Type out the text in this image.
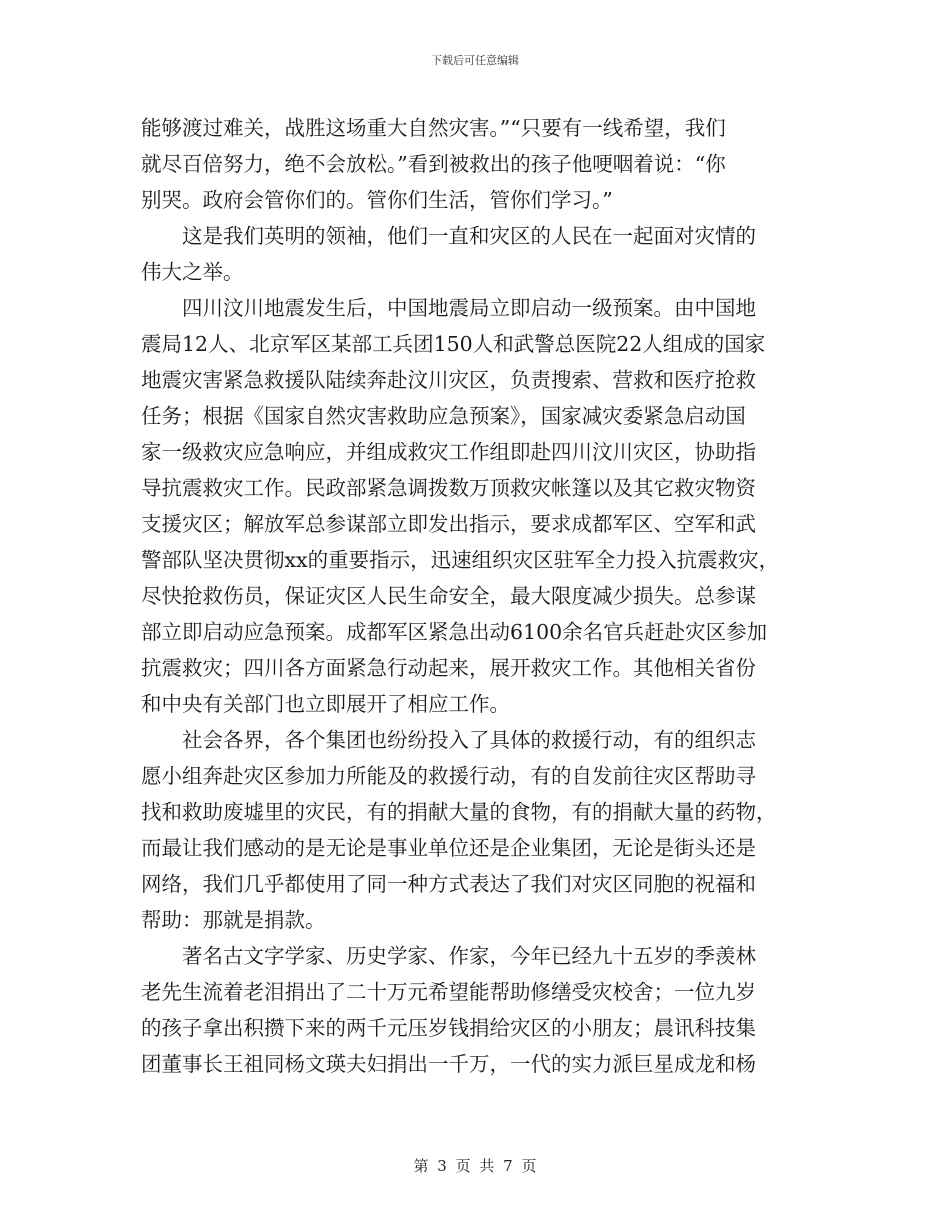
下载后可任意编辑
能够渡过难关，战胜这场重大自然灾害。”“只要有一线希望，我们
就尽百倍努力，绝不会放松。”看到被救出的孩子他哽咽着说：“你
别哭。政府会管你们的。管你们生活，管你们学习。”
　　这是我们英明的领袖，他们一直和灾区的人民在一起面对灾情的
伟大之举。
　　四川汶川地震发生后，中国地震局立即启动一级预案。由中国地
震局12人、北京军区某部工兵团150人和武警总医院22人组成的国家
地震灾害紧急救援队陆续奔赴汶川灾区，负责搜索、营救和医疗抢救
任务；根据《国家自然灾害救助应急预案》，国家减灾委紧急启动国
家一级救灾应急响应，并组成救灾工作组即赴四川汶川灾区，协助指
导抗震救灾工作。民政部紧急调拨数万顶救灾帐篷以及其它救灾物资
支援灾区；解放军总参谋部立即发出指示，要求成都军区、空军和武
警部队坚决贯彻xx的重要指示，迅速组织灾区驻军全力投入抗震救灾，
尽快抢救伤员，保证灾区人民生命安全，最大限度减少损失。总参谋
部立即启动应急预案。成都军区紧急出动6100余名官兵赶赴灾区参加
抗震救灾；四川各方面紧急行动起来，展开救灾工作。其他相关省份
和中央有关部门也立即展开了相应工作。
　　社会各界，各个集团也纷纷投入了具体的救援行动，有的组织志
愿小组奔赴灾区参加力所能及的救援行动，有的自发前往灾区帮助寻
找和救助废墟里的灾民，有的捐献大量的食物，有的捐献大量的药物，
而最让我们感动的是无论是事业单位还是企业集团，无论是街头还是
网络，我们几乎都使用了同一种方式表达了我们对灾区同胞的祝福和
帮助：那就是捐款。
　　著名古文字学家、历史学家、作家，今年已经九十五岁的季羡林
老先生流着老泪捐出了二十万元希望能帮助修缮受灾校舍；一位九岁
的孩子拿出积攒下来的两千元压岁钱捐给灾区的小朋友；晨讯科技集
团董事长王祖同杨文瑛夫妇捐出一千万，一代的实力派巨星成龙和杨
第 3 页 共 7 页
